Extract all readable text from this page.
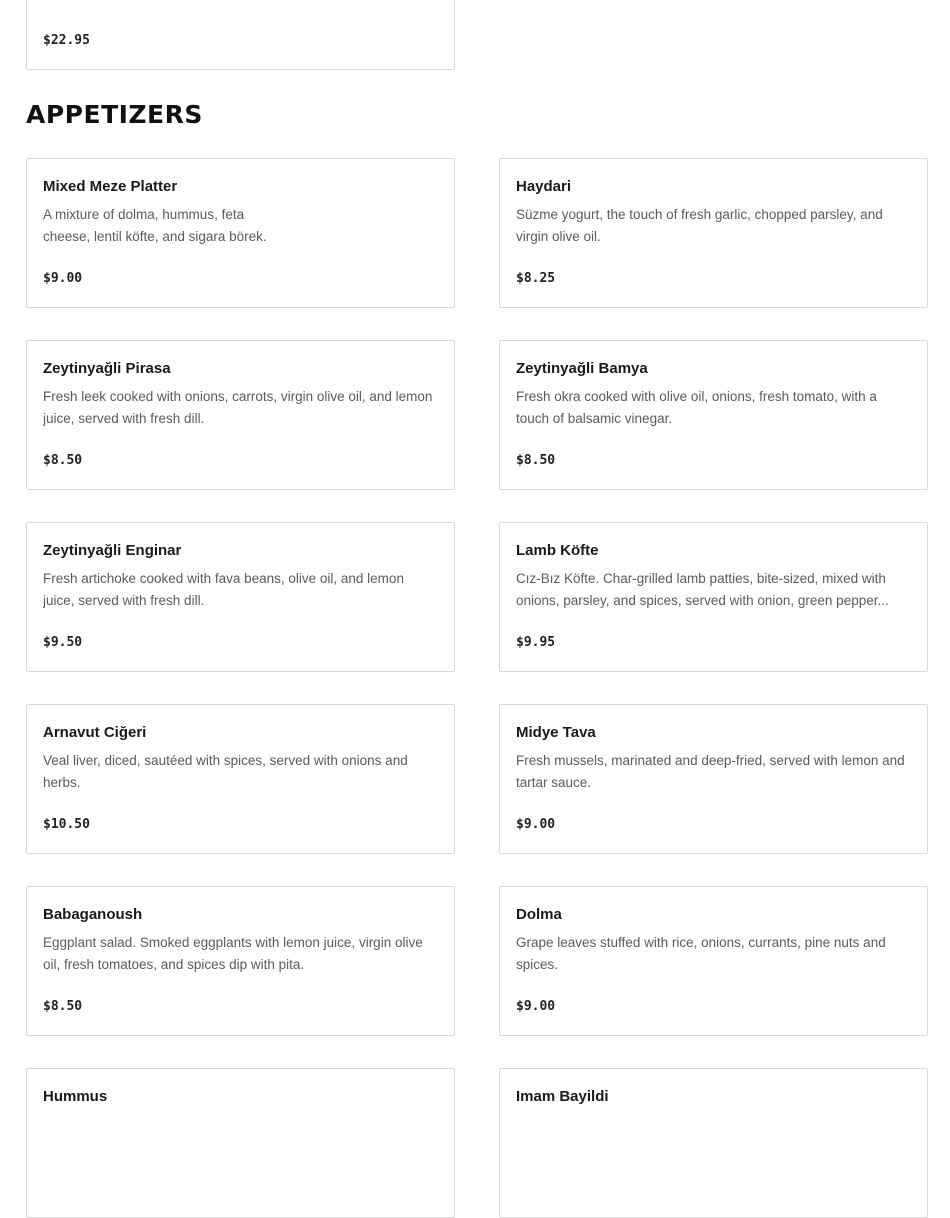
$22.95
APPETIZERS
Mixed Meze Platter
A mixture of dolma, hummus, feta cheese, lentil köfte, and sigara börek.
$9.00
Haydari
Süzme yogurt, the touch of fresh garlic, chopped parsley, and virgin olive oil.
$8.25
Zeytinyağli Pirasa
Fresh leek cooked with onions, carrots, virgin olive oil, and lemon juice, served with fresh dill.
$8.50
Zeytinyağli Bamya
Fresh okra cooked with olive oil, onions, fresh tomato, with a touch of balsamic vinegar.
$8.50
Zeytinyağli Enginar
Fresh artichoke cooked with fava beans, olive oil, and lemon juice, served with fresh dill.
$9.50
Lamb Köfte
Cız-Bız Köfte. Char-grilled lamb patties, bite-sized, mixed with onions, parsley, and spices, served with onion, green pepper...
$9.95
Arnavut Ciğeri
Veal liver, diced, sautéed with spices, served with onions and herbs.
$10.50
Midye Tava
Fresh mussels, marinated and deep-fried, served with lemon and tartar sauce.
$9.00
Babaganoush
Eggplant salad. Smoked eggplants with lemon juice, virgin olive oil, fresh tomatoes, and spices dip with pita.
$8.50
Dolma
Grape leaves stuffed with rice, onions, currants, pine nuts and spices.
$9.00
Hummus	Imam Bayildi
